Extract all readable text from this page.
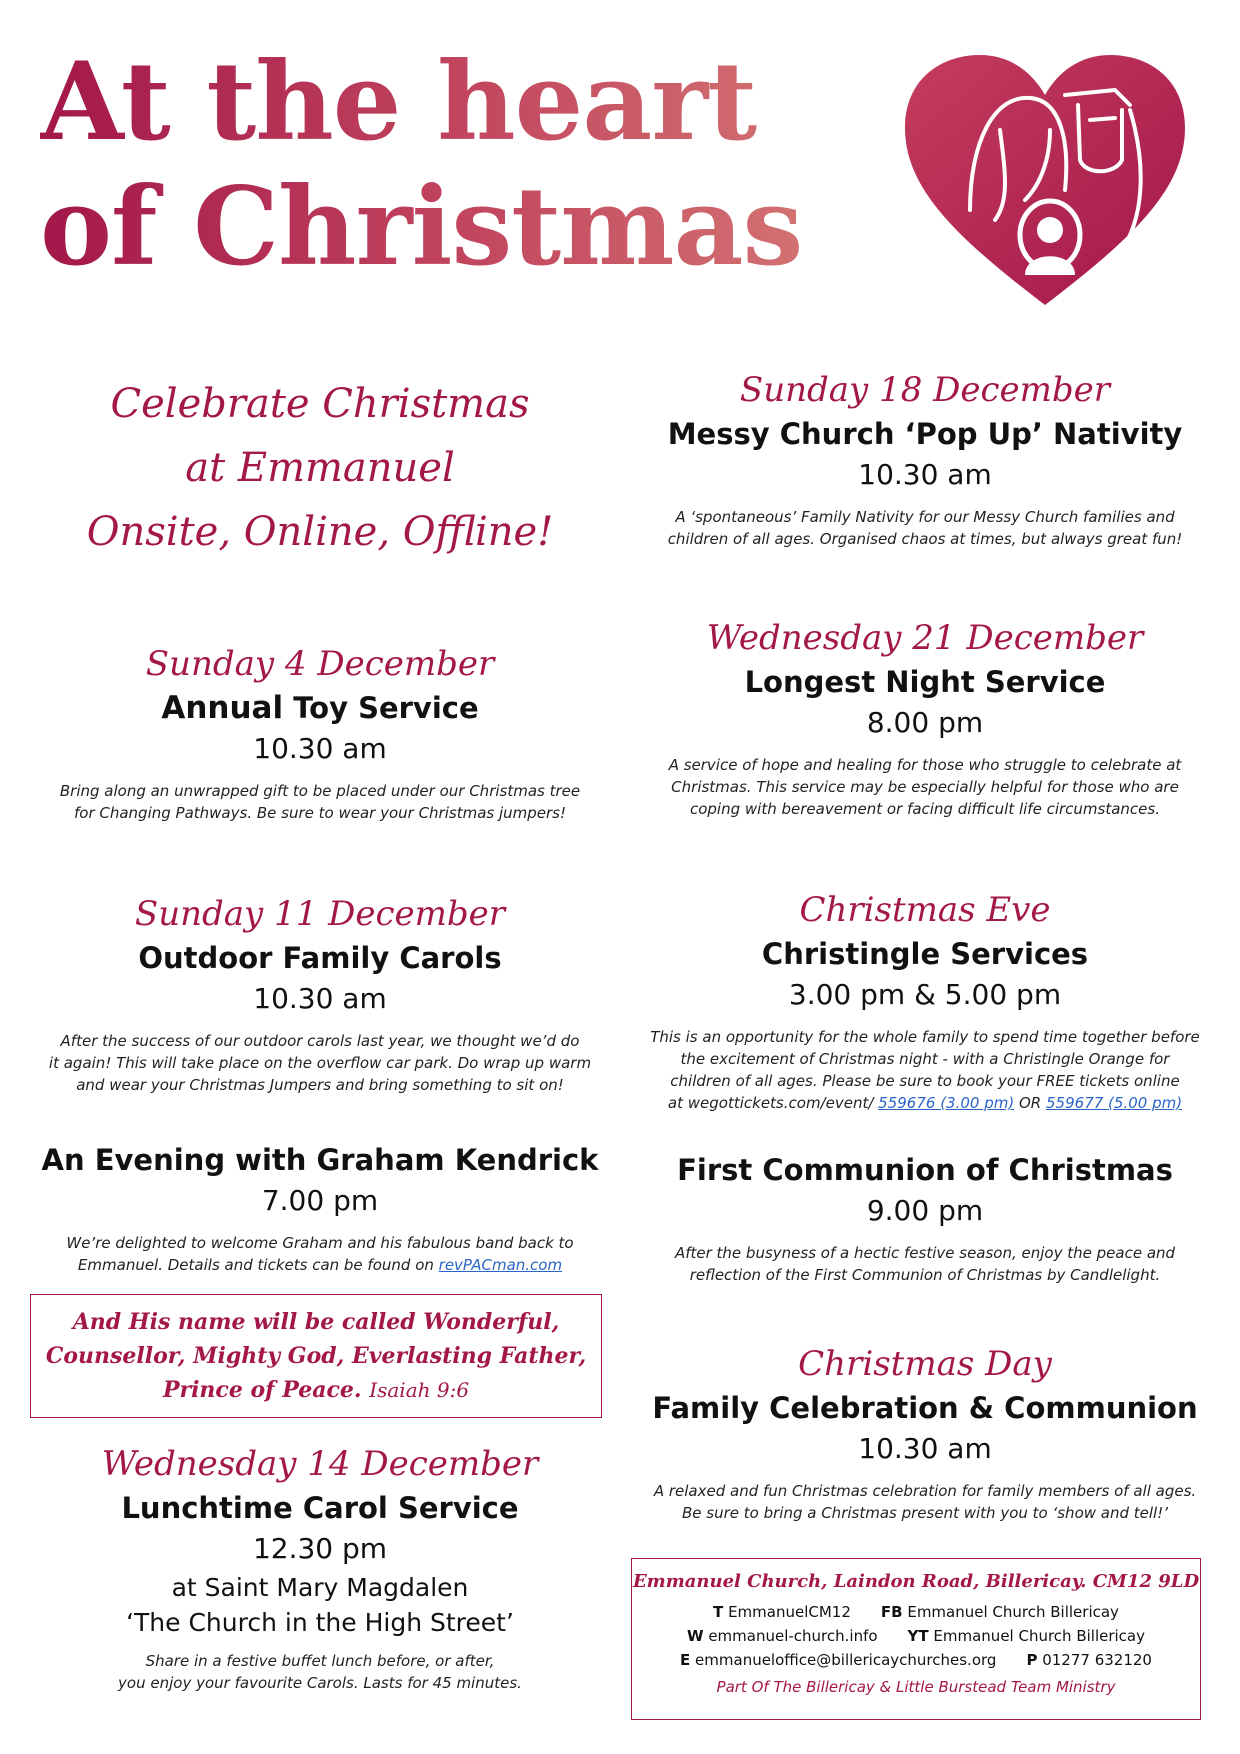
At the heart
of Christmas
Celebrate Christmas
at Emmanuel
Onsite, Online, Offline!
Sunday 4 December
Annual Toy Service
10.30 am
Bring along an unwrapped gift to be placed under our Christmas tree
for Changing Pathways. Be sure to wear your Christmas jumpers!
Sunday 11 December
Outdoor Family Carols
10.30 am
After the success of our outdoor carols last year, we thought we’d do
it again! This will take place on the overflow car park. Do wrap up warm
and wear your Christmas Jumpers and bring something to sit on!
An Evening with Graham Kendrick
7.00 pm
We’re delighted to welcome Graham and his fabulous band back to
Emmanuel. Details and tickets can be found on revPACman.com
And His name will be called Wonderful,
Counsellor, Mighty God, Everlasting Father,
Prince of Peace. Isaiah 9:6
Wednesday 14 December
Lunchtime Carol Service
12.30 pm
at Saint Mary Magdalen
‘The Church in the High Street’
Share in a festive buffet lunch before, or after,
you enjoy your favourite Carols. Lasts for 45 minutes.
Sunday 18 December
Messy Church ‘Pop Up’ Nativity
10.30 am
A ‘spontaneous’ Family Nativity for our Messy Church families and
children of all ages. Organised chaos at times, but always great fun!
Wednesday 21 December
Longest Night Service
8.00 pm
A service of hope and healing for those who struggle to celebrate at
Christmas. This service may be especially helpful for those who are
coping with bereavement or facing difficult life circumstances.
Christmas Eve
Christingle Services
3.00 pm & 5.00 pm
This is an opportunity for the whole family to spend time together before
the excitement of Christmas night - with a Christingle Orange for
children of all ages. Please be sure to book your FREE tickets online
at wegottickets.com/event/ 559676 (3.00 pm) OR 559677 (5.00 pm)
First Communion of Christmas
9.00 pm
After the busyness of a hectic festive season, enjoy the peace and
reflection of the First Communion of Christmas by Candlelight.
Christmas Day
Family Celebration & Communion
10.30 am
A relaxed and fun Christmas celebration for family members of all ages.
Be sure to bring a Christmas present with you to ‘show and tell!’
Emmanuel Church, Laindon Road, Billericay. CM12 9LD
T EmmanuelCM12 FB Emmanuel Church Billericay
W emmanuel-church.info YT Emmanuel Church Billericay
E emmanueloffice@billericaychurches.org P 01277 632120
Part Of The Billericay & Little Burstead Team Ministry
